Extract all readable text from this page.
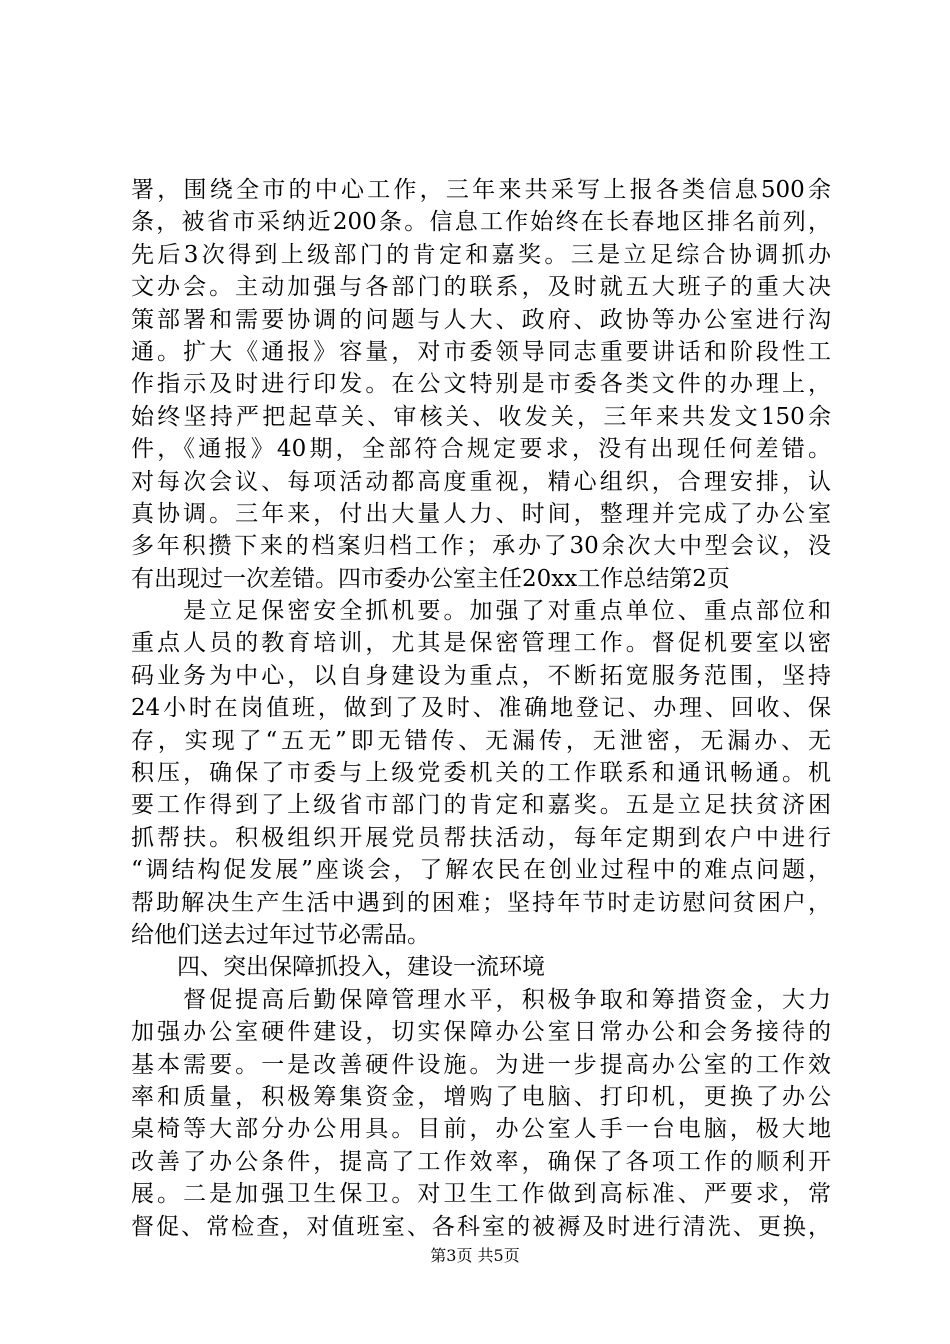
署，围绕全市的中心工作，三年来共采写上报各类信息500余
条，被省市采纳近200条。信息工作始终在长春地区排名前列，
先后3次得到上级部门的肯定和嘉奖。三是立足综合协调抓办
文办会。主动加强与各部门的联系，及时就五大班子的重大决
策部署和需要协调的问题与人大、政府、政协等办公室进行沟
通。扩大《通报》容量，对市委领导同志重要讲话和阶段性工
作指示及时进行印发。在公文特别是市委各类文件的办理上，
始终坚持严把起草关、审核关、收发关，三年来共发文150余
件，《通报》40期，全部符合规定要求，没有出现任何差错。
对每次会议、每项活动都高度重视，精心组织，合理安排，认
真协调。三年来，付出大量人力、时间，整理并完成了办公室
多年积攒下来的档案归档工作；承办了30余次大中型会议，没
有出现过一次差错。四市委办公室主任20xx工作总结第2页
　　是立足保密安全抓机要。加强了对重点单位、重点部位和
重点人员的教育培训，尤其是保密管理工作。督促机要室以密
码业务为中心，以自身建设为重点，不断拓宽服务范围，坚持
24小时在岗值班，做到了及时、准确地登记、办理、回收、保
存，实现了“五无”即无错传、无漏传，无泄密，无漏办、无
积压，确保了市委与上级党委机关的工作联系和通讯畅通。机
要工作得到了上级省市部门的肯定和嘉奖。五是立足扶贫济困
抓帮扶。积极组织开展党员帮扶活动，每年定期到农户中进行
“调结构促发展”座谈会，了解农民在创业过程中的难点问题，
帮助解决生产生活中遇到的困难；坚持年节时走访慰问贫困户，
给他们送去过年过节必需品。
　　四、突出保障抓投入，建设一流环境
　　督促提高后勤保障管理水平，积极争取和筹措资金，大力
加强办公室硬件建设，切实保障办公室日常办公和会务接待的
基本需要。一是改善硬件设施。为进一步提高办公室的工作效
率和质量，积极筹集资金，增购了电脑、打印机，更换了办公
桌椅等大部分办公用具。目前，办公室人手一台电脑，极大地
改善了办公条件，提高了工作效率，确保了各项工作的顺利开
展。二是加强卫生保卫。对卫生工作做到高标准、严要求，常
督促、常检查，对值班室、各科室的被褥及时进行清洗、更换，
第3页 共5页
